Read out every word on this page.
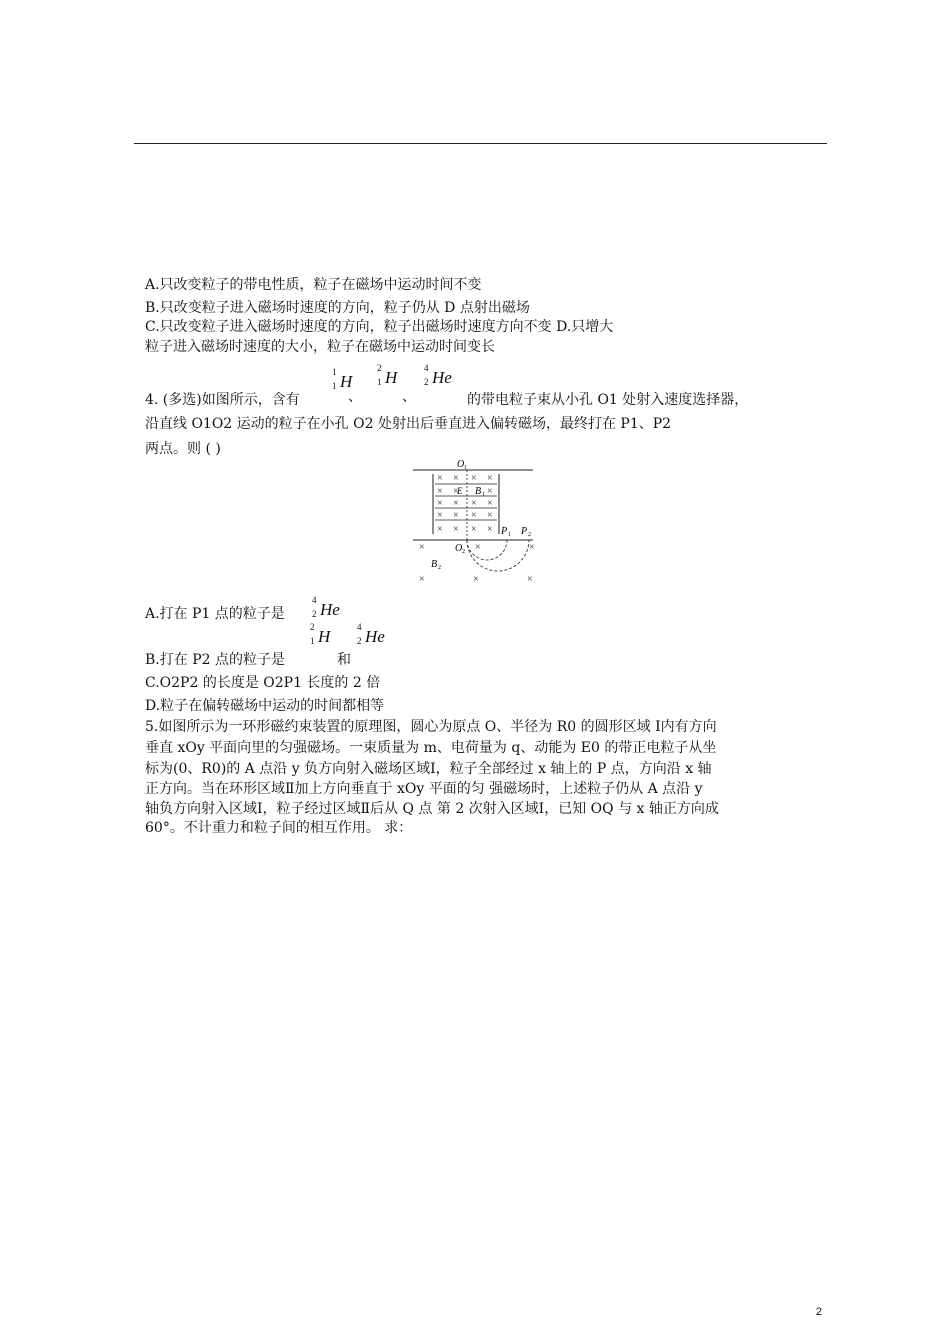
A.只改变粒子的带电性质，粒子在磁场中运动时间不变
B.只改变粒子进入磁场时速度的方向，粒子仍从 D 点射出磁场
C.只改变粒子进入磁场时速度的方向，粒子出磁场时速度方向不变 D.只增大
粒子进入磁场时速度的大小，粒子在磁场中运动时间变长
1
1 H
2
1 H	4
2 He
4. (多选)如图所示，含有	、	、	的带电粒子束从小孔 O1 处射入速度选择器，
沿直线 O1O2 运动的粒子在小孔 O2 处射出后垂直进入偏转磁场，最终打在 P1、P2
两点。则 ( )
O 1
× × × ×
× ×	×
× × × ×
× × × ×
× × × ×
E B 1
P 1 P 2
O 2
×	×	×
×	×	×
B 2
A.打在 P1 点的粒子是
4
2 He
2
1 H	4
2 He
B.打在 P2 点的粒子是	和
C.O2P2 的长度是 O2P1 长度的 2 倍
D.粒子在偏转磁场中运动的时间都相等
5.如图所示为一环形磁约束装置的原理图，圆心为原点 O、半径为 R0 的圆形区域 Ⅰ内有方向
垂直 xOy 平面向里的匀强磁场。一束质量为 m、电荷量为 q、动能为 E0 的带正电粒子从坐
标为(0、R0)的 A 点沿 y 负方向射入磁场区域Ⅰ，粒子全部经过 x 轴上的 P 点，方向沿 x 轴
正方向。当在环形区域Ⅱ加上方向垂直于 xOy 平面的匀 强磁场时，上述粒子仍从 A 点沿 y
轴负方向射入区域Ⅰ，粒子经过区域Ⅱ后从 Q 点 第 2 次射入区域Ⅰ，已知 OQ 与 x 轴正方向成
60°。不计重力和粒子间的相互作用。 求：
2
